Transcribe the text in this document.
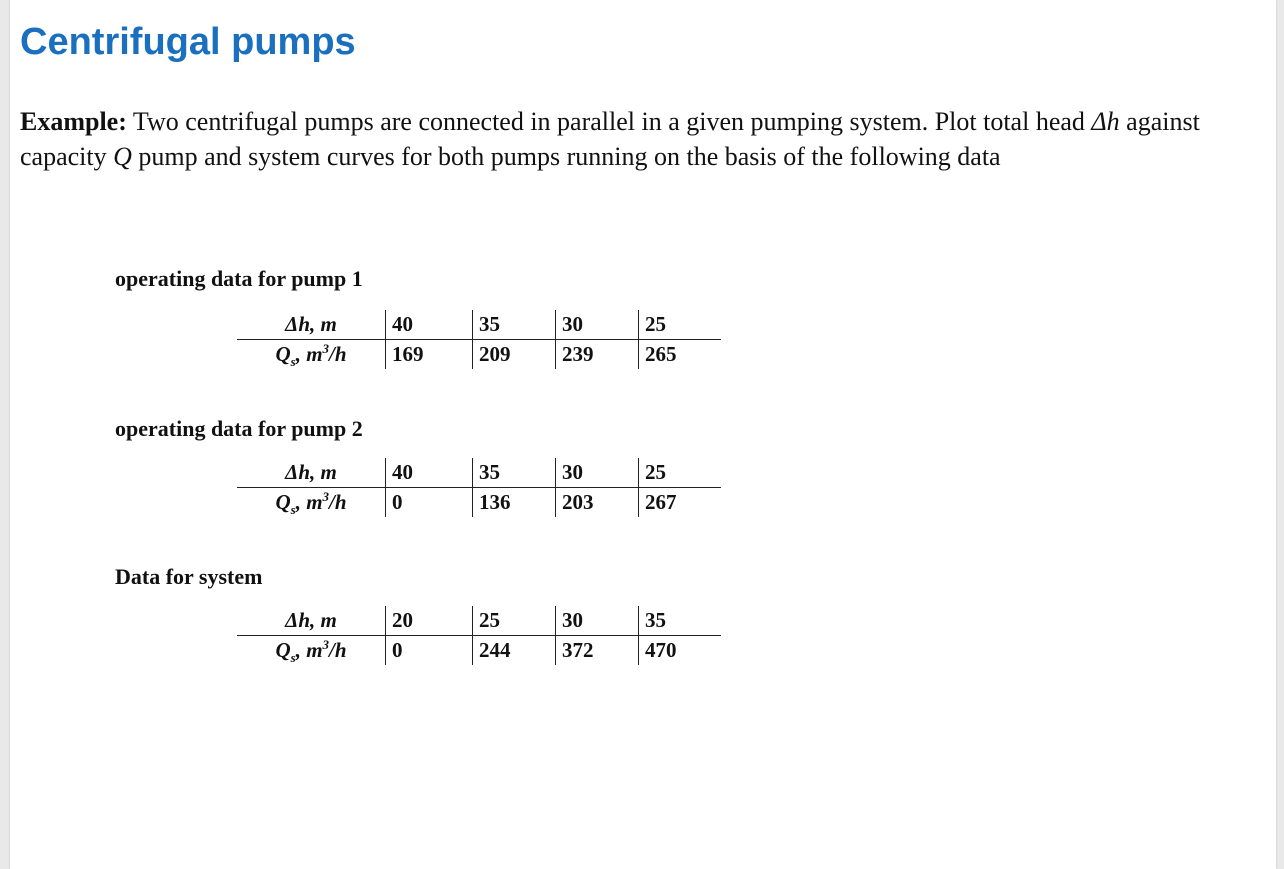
Centrifugal pumps

Example: Two centrifugal pumps are connected in parallel in a given pumping system. Plot total head Δh against capacity Q pump and system curves for both pumps running on the basis of the following data

operating data for pump 1
Δh, m	40	35	30	25
$Q_s$, $m^3/h$	169	209	239	265
operating data for pump 2
Δh, m	40	35	30	25
$Q_s$, $m^3/h$	0	136	203	267
Data for system
Δh, m	20	25	30	35
$Q_s$, $m^3/h$	0	244	372	470
